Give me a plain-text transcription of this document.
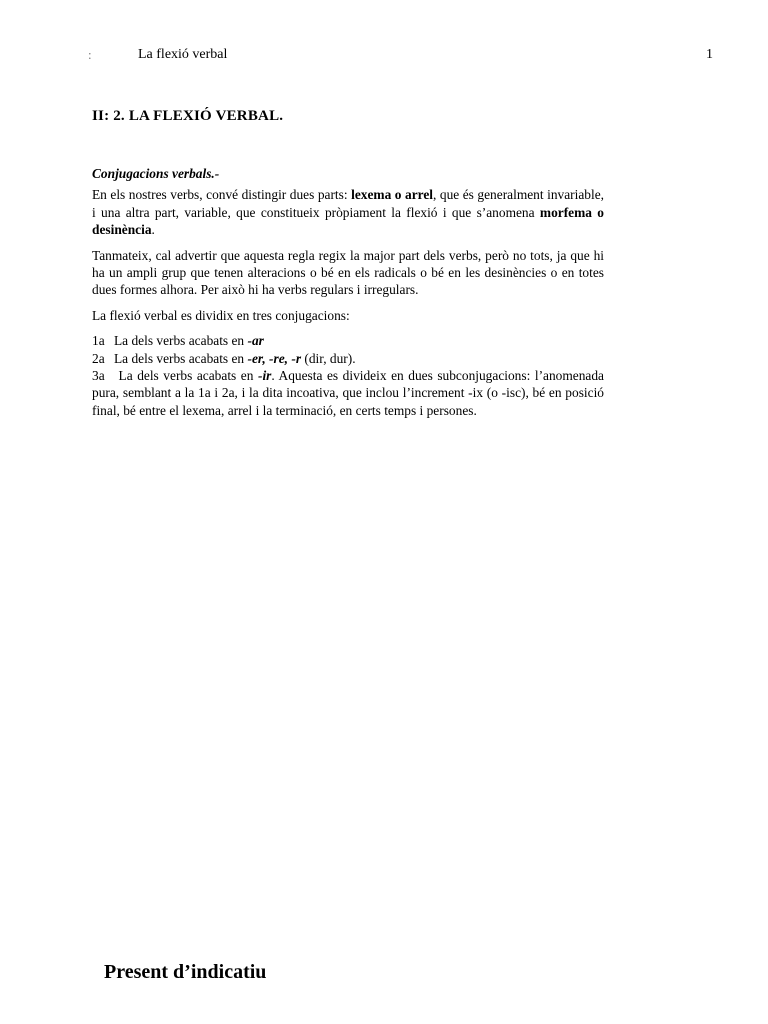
:	La flexió verbal	1
II: 2. LA FLEXIÓ VERBAL.
Conjugacions verbals.-

En els nostres verbs, convé distingir dues parts: lexema o arrel, que és generalment invariable, i una altra part, variable, que constitueix pròpiament la flexió i que s’anomena morfema o desinència.

Tanmateix, cal advertir que aquesta regla regix la major part dels verbs, però no tots, ja que hi ha un ampli grup que tenen alteracions o bé en els radicals o bé en les desinències o en totes dues formes alhora. Per això hi ha verbs regulars i irregulars.

La flexió verbal es dividix en tres conjugacions:

1a La dels verbs acabats en -ar
2a La dels verbs acabats en -er, -re, -r (dir, dur).
3a La dels verbs acabats en -ir. Aquesta es divideix en dues subconjugacions: l’anomenada pura, semblant a la 1a i 2a, i la dita incoativa, que inclou l’increment -ix (o -isc), bé en posició final, bé entre el lexema, arrel i la terminació, en certs temps i persones.
Present d’indicatiu
